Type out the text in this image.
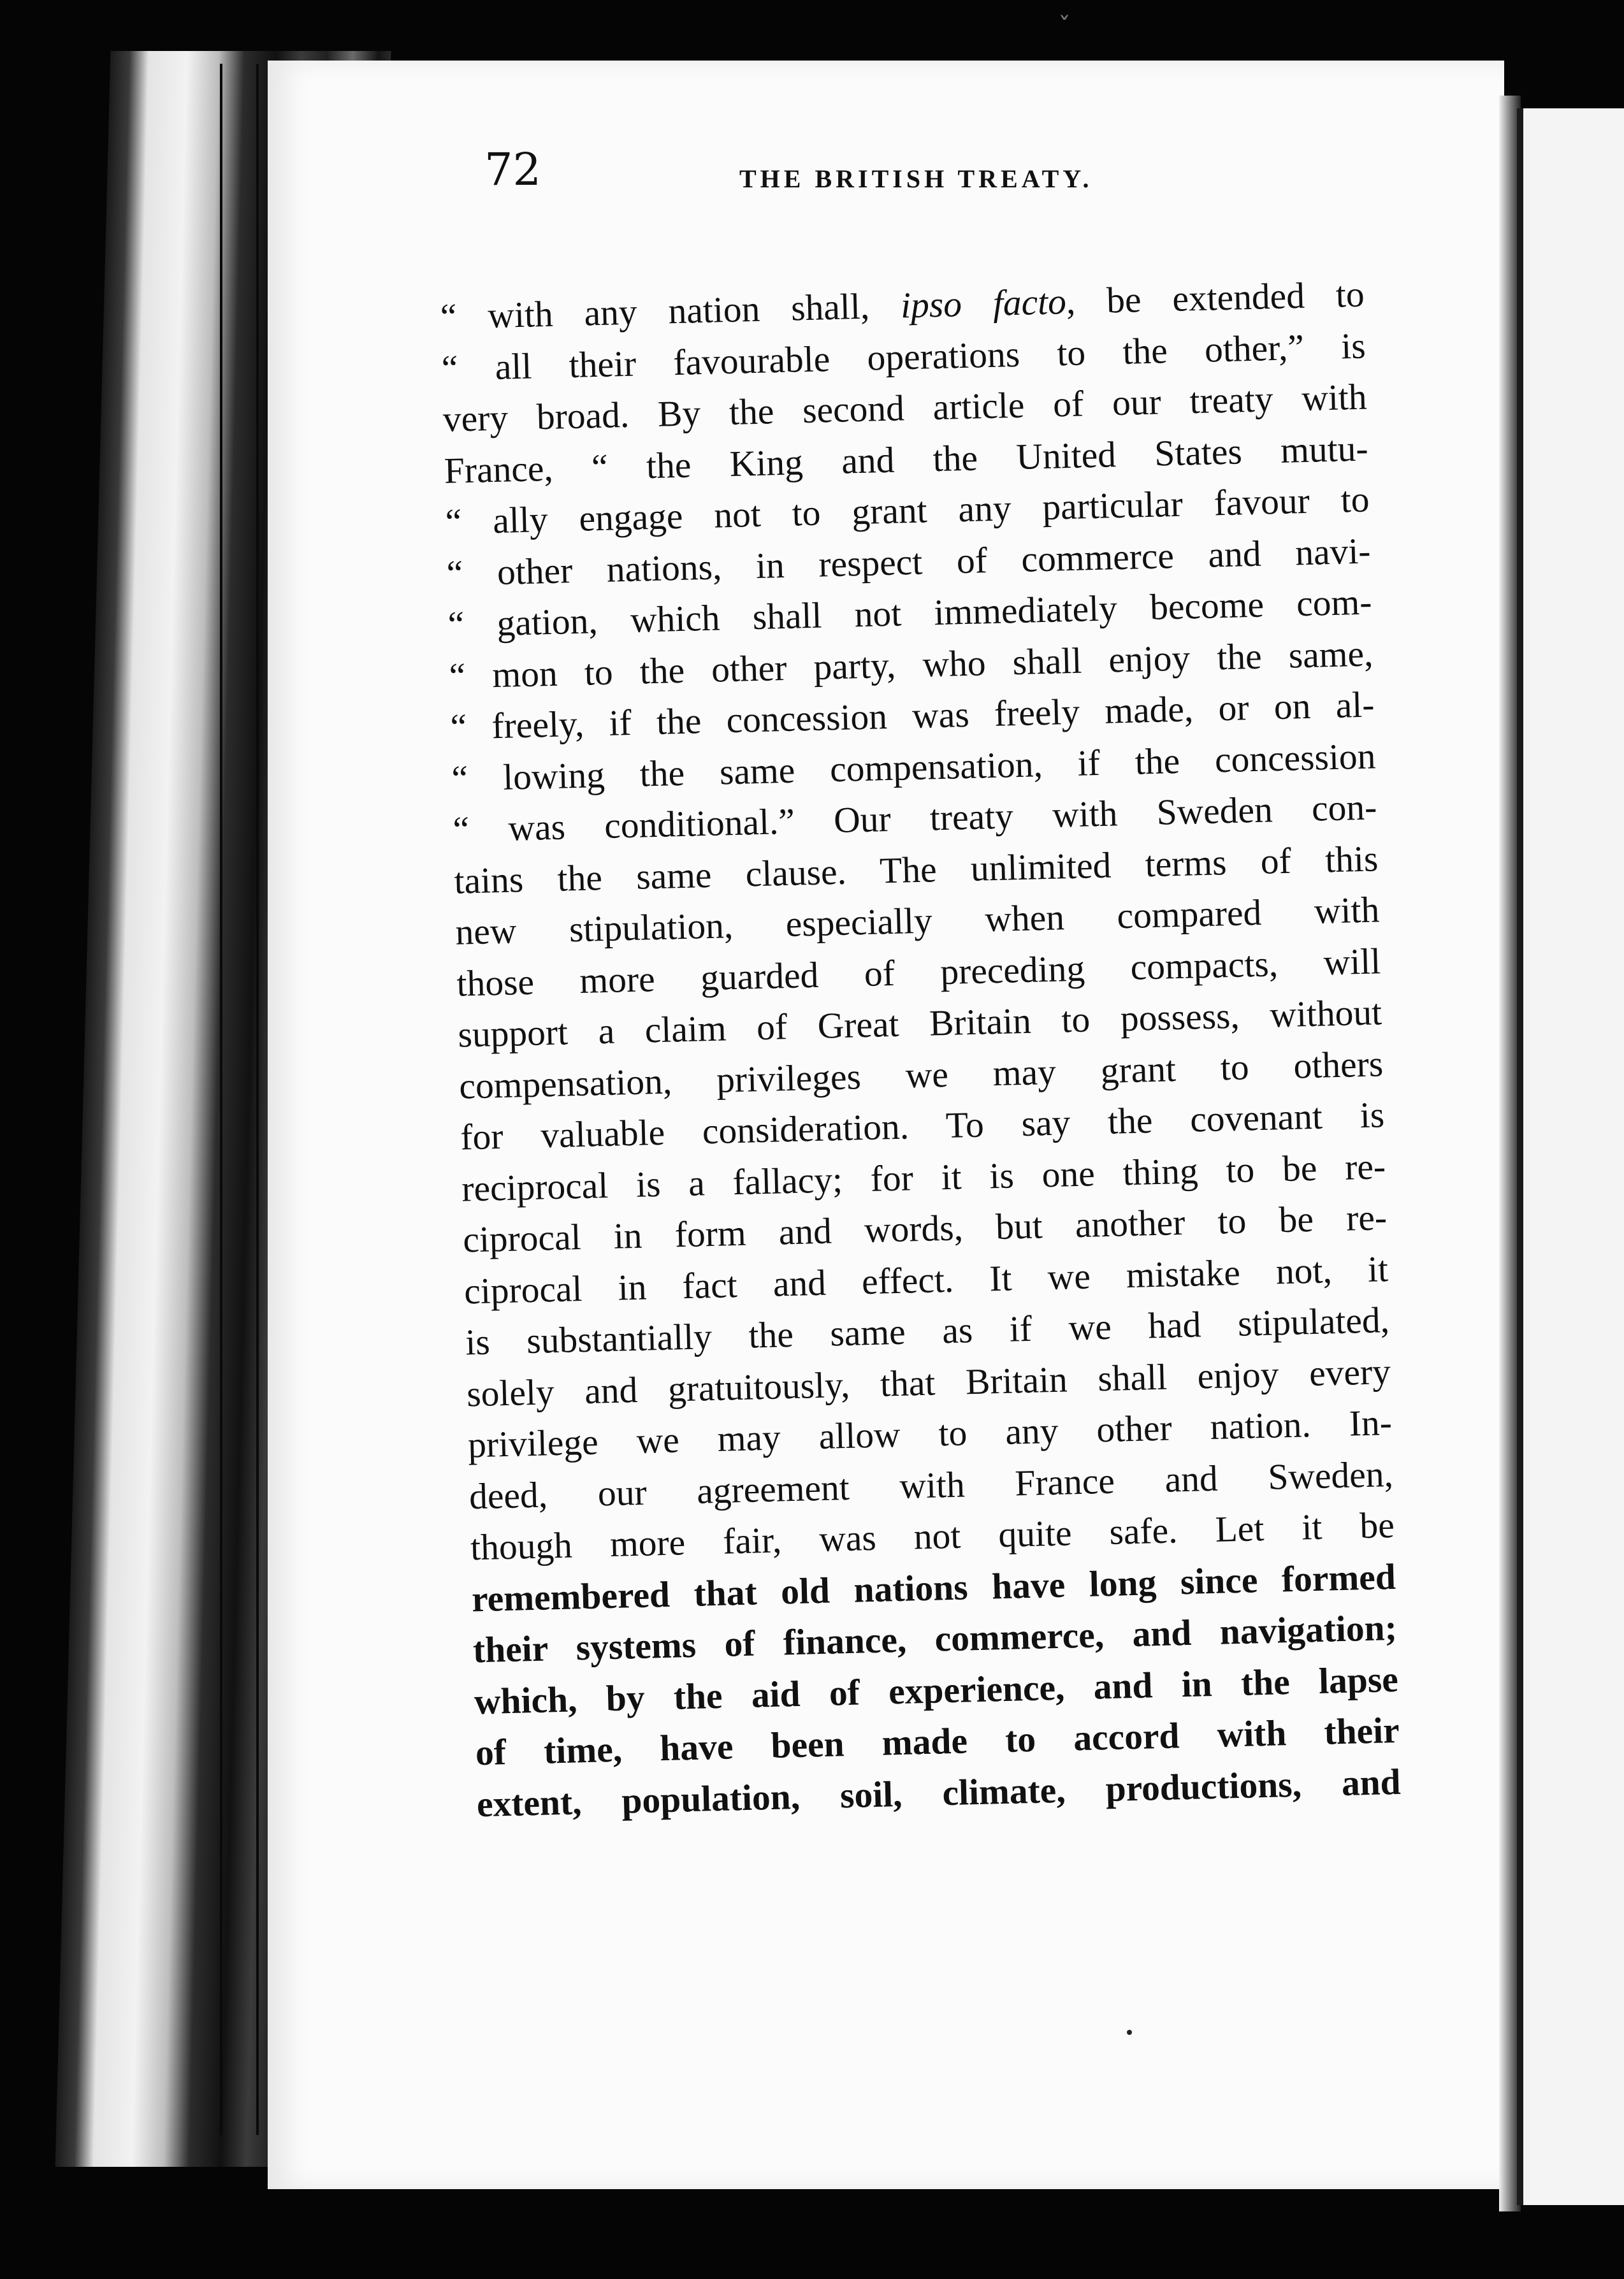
ˇ
72	THE BRITISH TREATY.
“ with any nation shall, ipso facto, be extended to
“ all their favourable operations to the other,” is
very broad. By the second article of our treaty with
France, “ the King and the United States mutu-
“ ally engage not to grant any particular favour to
“ other nations, in respect of commerce and navi-
“ gation, which shall not immediately become com-
“ mon to the other party, who shall enjoy the same,
“ freely, if the concession was freely made, or on al-
“ lowing the same compensation, if the concession
“ was conditional.” Our treaty with Sweden con-
tains the same clause. The unlimited terms of this
new stipulation, especially when compared with
those more guarded of preceding compacts, will
support a claim of Great Britain to possess, without
compensation, privileges we may grant to others
for valuable consideration. To say the covenant is
reciprocal is a fallacy; for it is one thing to be re-
ciprocal in form and words, but another to be re-
ciprocal in fact and effect. It we mistake not, it
is substantially the same as if we had stipulated,
solely and gratuitously, that Britain shall enjoy every
privilege we may allow to any other nation. In-
deed, our agreement with France and Sweden,
though more fair, was not quite safe. Let it be
remembered that old nations have long since formed
their systems of finance, commerce, and navigation;
which, by the aid of experience, and in the lapse
of time, have been made to accord with their
extent, population, soil, climate, productions, and
